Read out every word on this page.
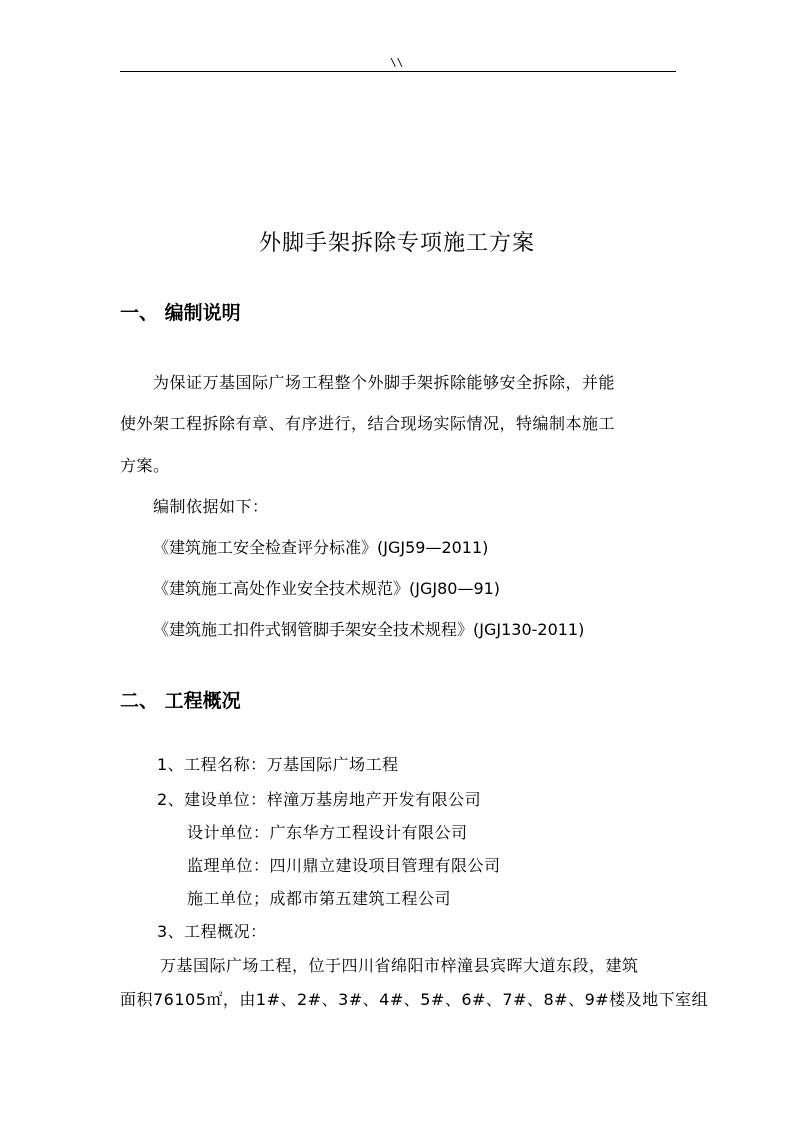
\\
外脚手架拆除专项施工方案
一、 编制说明
为保证万基国际广场工程整个外脚手架拆除能够安全拆除，并能
使外架工程拆除有章、有序进行，结合现场实际情况，特编制本施工
方案。
编制依据如下：
《建筑施工安全检查评分标准》(JGJ59—2011)
《建筑施工高处作业安全技术规范》(JGJ80—91)
《建筑施工扣件式钢管脚手架安全技术规程》(JGJ130-2011)
二、 工程概况
1、工程名称：万基国际广场工程
2、建设单位：梓潼万基房地产开发有限公司
设计单位：广东华方工程设计有限公司
监理单位：四川鼎立建设项目管理有限公司
施工单位；成都市第五建筑工程公司
3、工程概况：
万基国际广场工程，位于四川省绵阳市梓潼县宾晖大道东段，建筑
面积76105㎡，由1#、2#、3#、4#、5#、6#、7#、8#、9#楼及地下室组
